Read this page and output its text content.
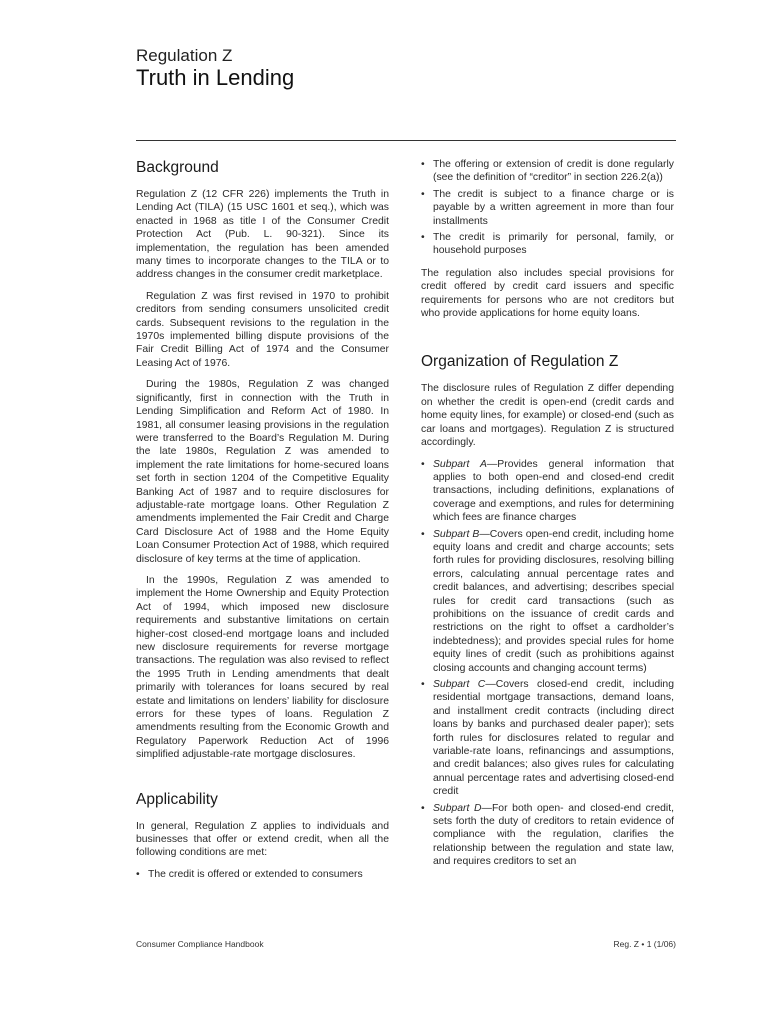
Regulation Z
Truth in Lending
Background

Regulation Z (12 CFR 226) implements the Truth in Lending Act (TILA) (15 USC 1601 et seq.), which was enacted in 1968 as title I of the Consumer Credit Protection Act (Pub. L. 90-321). Since its implementation, the regulation has been amended many times to incorporate changes to the TILA or to address changes in the consumer credit marketplace.

Regulation Z was first revised in 1970 to prohibit creditors from sending consumers unsolicited credit cards. Subsequent revisions to the regulation in the 1970s implemented billing dispute provisions of the Fair Credit Billing Act of 1974 and the Consumer Leasing Act of 1976.

During the 1980s, Regulation Z was changed significantly, first in connection with the Truth in Lending Simplification and Reform Act of 1980. In 1981, all consumer leasing provisions in the regulation were transferred to the Board’s Regulation M. During the late 1980s, Regulation Z was amended to implement the rate limitations for home-secured loans set forth in section 1204 of the Competitive Equality Banking Act of 1987 and to require disclosures for adjustable-rate mortgage loans. Other Regulation Z amendments implemented the Fair Credit and Charge Card Disclosure Act of 1988 and the Home Equity Loan Consumer Protection Act of 1988, which required disclosure of key terms at the time of application.

In the 1990s, Regulation Z was amended to implement the Home Ownership and Equity Protection Act of 1994, which imposed new disclosure requirements and substantive limitations on certain higher-cost closed-end mortgage loans and included new disclosure requirements for reverse mortgage transactions. The regulation was also revised to reflect the 1995 Truth in Lending amendments that dealt primarily with tolerances for loans secured by real estate and limitations on lenders’ liability for disclosure errors for these types of loans. Regulation Z amendments resulting from the Economic Growth and Regulatory Paperwork Reduction Act of 1996 simplified adjustable-rate mortgage disclosures.

Applicability

In general, Regulation Z applies to individuals and businesses that offer or extend credit, when all the following conditions are met:

• The credit is offered or extended to consumers
• The offering or extension of credit is done regularly (see the definition of “creditor” in section 226.2(a))
• The credit is subject to a finance charge or is payable by a written agreement in more than four installments
• The credit is primarily for personal, family, or household purposes

The regulation also includes special provisions for credit offered by credit card issuers and specific requirements for persons who are not creditors but who provide applications for home equity loans.

Organization of Regulation Z

The disclosure rules of Regulation Z differ depending on whether the credit is open-end (credit cards and home equity lines, for example) or closed-end (such as car loans and mortgages). Regulation Z is structured accordingly.

• Subpart A—Provides general information that applies to both open-end and closed-end credit transactions, including definitions, explanations of coverage and exemptions, and rules for determining which fees are finance charges
• Subpart B—Covers open-end credit, including home equity loans and credit and charge accounts; sets forth rules for providing disclosures, resolving billing errors, calculating annual percentage rates and credit balances, and advertising; describes special rules for credit card transactions (such as prohibitions on the issuance of credit cards and restrictions on the right to offset a cardholder’s indebtedness); and provides special rules for home equity lines of credit (such as prohibitions against closing accounts and changing account terms)
• Subpart C—Covers closed-end credit, including residential mortgage transactions, demand loans, and installment credit contracts (including direct loans by banks and purchased dealer paper); sets forth rules for disclosures related to regular and variable-rate loans, refinancings and assumptions, and credit balances; also gives rules for calculating annual percentage rates and advertising closed-end credit
• Subpart D—For both open- and closed-end credit, sets forth the duty of creditors to retain evidence of compliance with the regulation, clarifies the relationship between the regulation and state law, and requires creditors to set an
Consumer Compliance Handbook	Reg. Z • 1 (1/06)
